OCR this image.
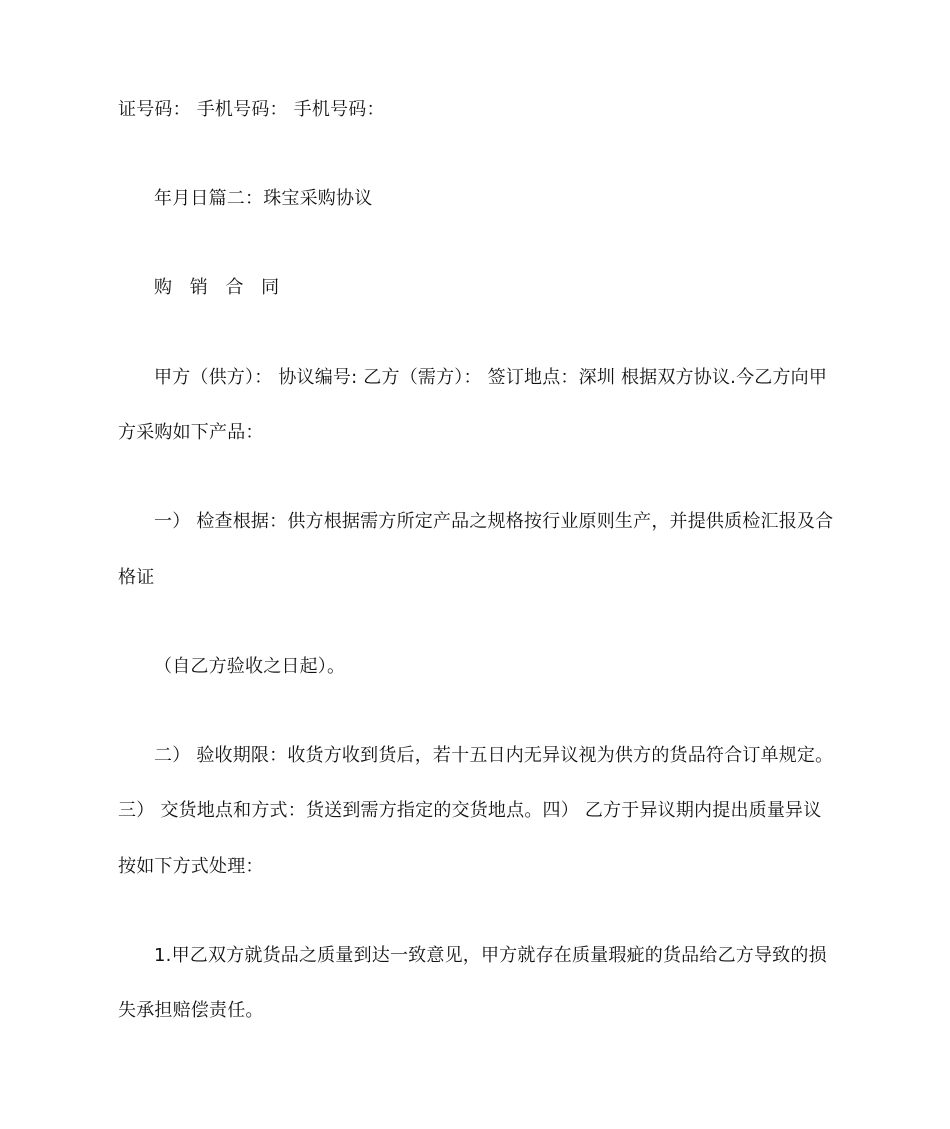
证号码： 手机号码： 手机号码：
年月日篇二：珠宝采购协议
购 销 合 同
甲方（供方）： 协议编号: 乙方（需方）： 签订地点：深圳 根据双方协议.今乙方向甲
方采购如下产品：
一） 检查根据：供方根据需方所定产品之规格按行业原则生产，并提供质检汇报及合
格证
（自乙方验收之日起）。
二） 验收期限：收货方收到货后，若十五日内无异议视为供方的货品符合订单规定。
三） 交货地点和方式：货送到需方指定的交货地点。四） 乙方于异议期内提出质量异议
按如下方式处理：
1.甲乙双方就货品之质量到达一致意见，甲方就存在质量瑕疵的货品给乙方导致的损
失承担赔偿责任。
